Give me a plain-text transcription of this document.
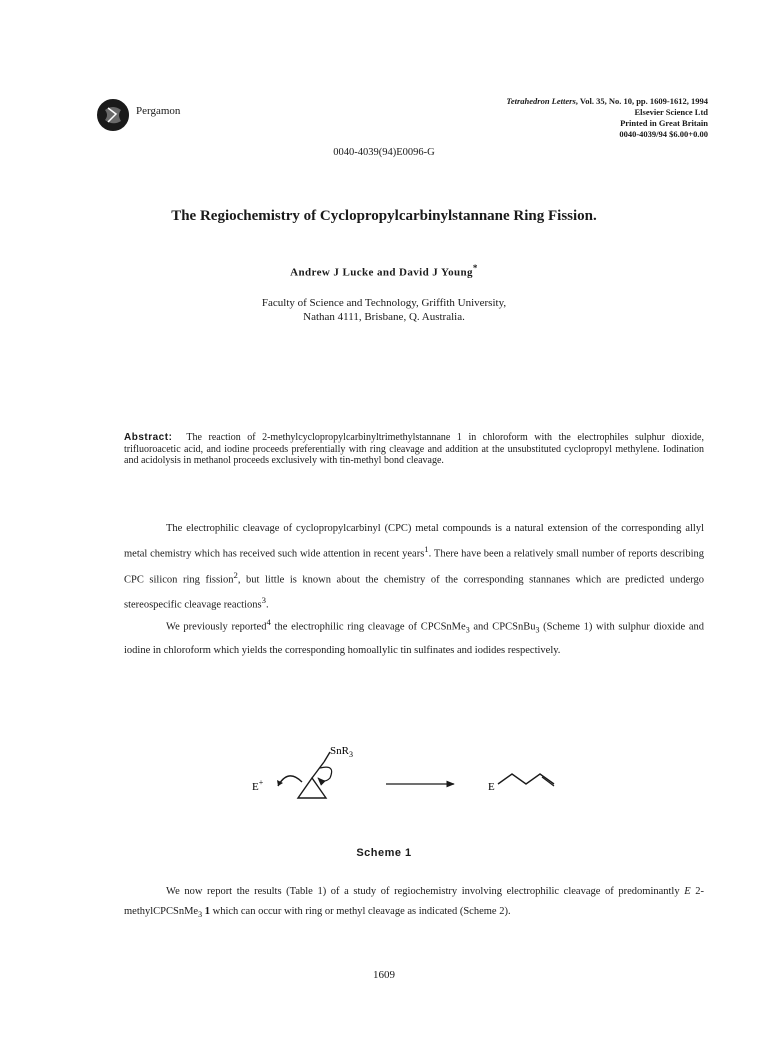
Pergamon
Tetrahedron Letters, Vol. 35, No. 10, pp. 1609-1612, 1994
Elsevier Science Ltd
Printed in Great Britain
0040-4039/94 $6.00+0.00
0040-4039(94)E0096-G
The Regiochemistry of Cyclopropylcarbinylstannane Ring Fission.
Andrew J Lucke and David J Young*
Faculty of Science and Technology, Griffith University,
Nathan 4111, Brisbane, Q. Australia.
Abstract: The reaction of 2-methylcyclopropylcarbinyltrimethylstannane 1 in chloroform with the electrophiles sulphur dioxide, trifluoroacetic acid, and iodine proceeds preferentially with ring cleavage and addition at the unsubstituted cyclopropyl methylene. Iodination and acidolysis in methanol proceeds exclusively with tin-methyl bond cleavage.
The electrophilic cleavage of cyclopropylcarbinyl (CPC) metal compounds is a natural extension of the corresponding allyl metal chemistry which has received such wide attention in recent years$^1$. There have been a relatively small number of reports describing CPC silicon ring fission$^2$, but little is known about the chemistry of the corresponding stannanes which are predicted undergo stereospecific cleavage reactions$^3$.
We previously reported$^4$ the electrophilic ring cleavage of CPCSnMe$_3$ and CPCSnBu$_3$ (Scheme 1) with sulphur dioxide and iodine in chloroform which yields the corresponding homoallylic tin sulfinates and iodides respectively.
E+
SnR$_3$
E
Scheme 1
We now report the results (Table 1) of a study of regiochemistry involving electrophilic cleavage of predominantly E 2-methylCPCSnMe$_3$ 1 which can occur with ring or methyl cleavage as indicated (Scheme 2).
1609
